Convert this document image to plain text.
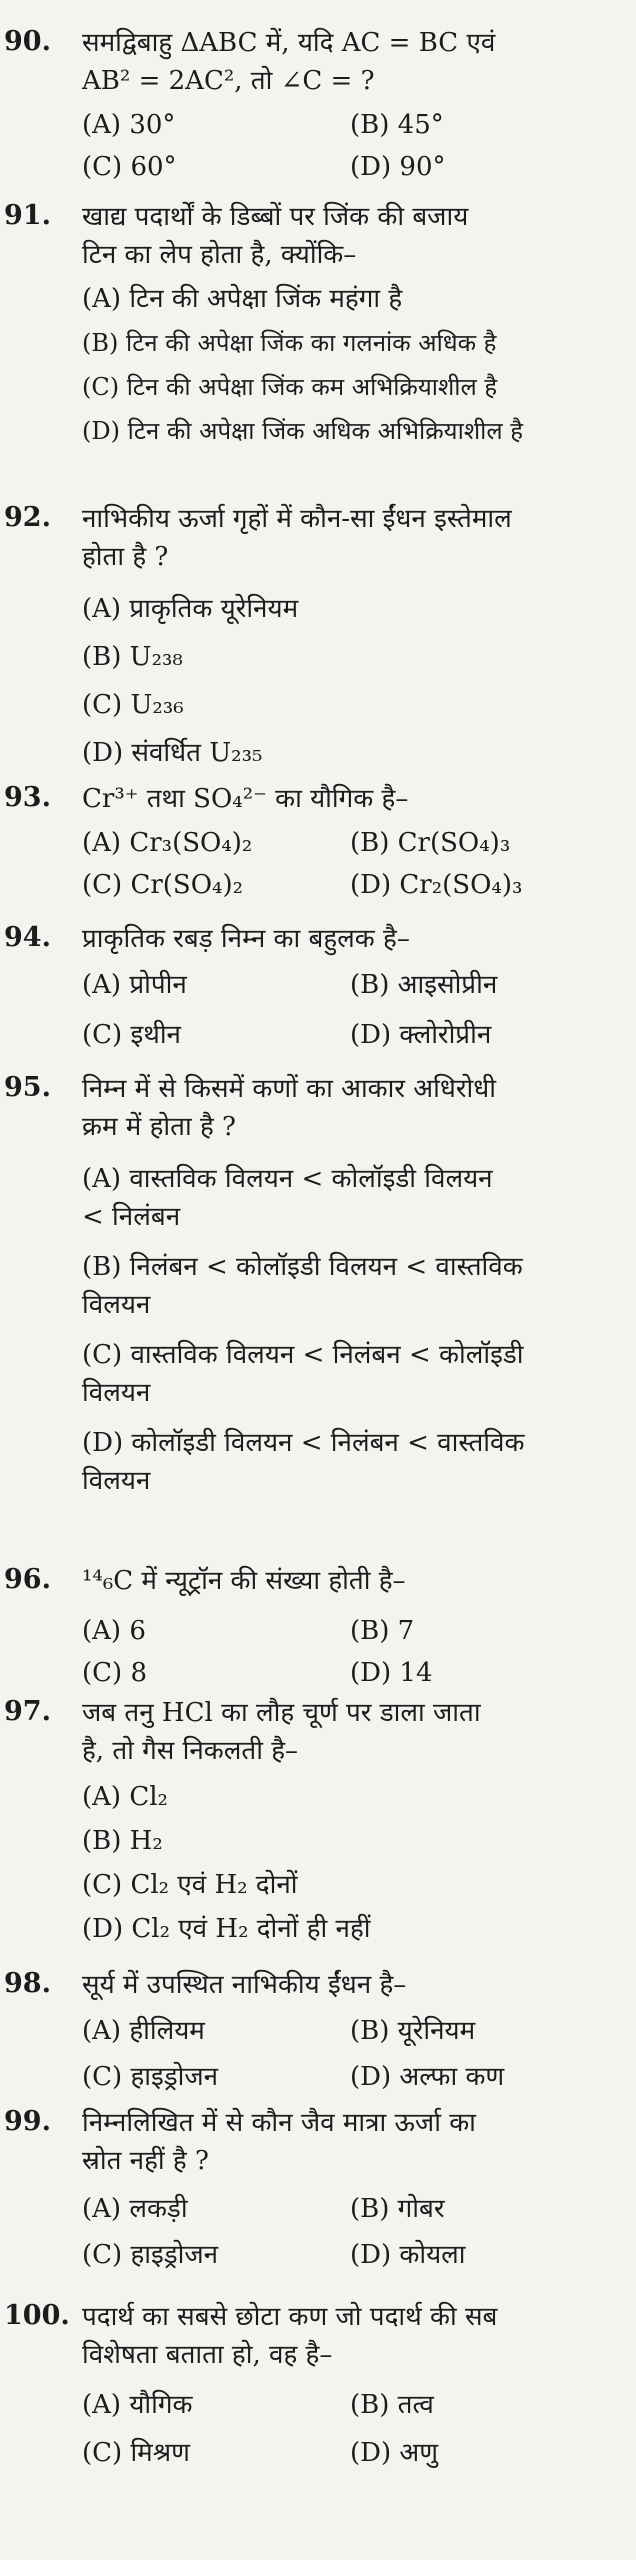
90. समद्विबाहु ΔABC में, यदि AC = BC एवं
AB² = 2AC², तो ∠C = ?
(A) 30°	(B) 45°
(C) 60°	(D) 90°
91. खाद्य पदार्थों के डिब्बों पर जिंक की बजाय
टिन का लेप होता है, क्योंकि–
(A) टिन की अपेक्षा जिंक महंगा है
(B) टिन की अपेक्षा जिंक का गलनांक अधिक है
(C) टिन की अपेक्षा जिंक कम अभिक्रियाशील है
(D) टिन की अपेक्षा जिंक अधिक अभिक्रियाशील है
92. नाभिकीय ऊर्जा गृहों में कौन-सा ईंधन इस्तेमाल
होता है ?
(A) प्राकृतिक यूरेनियम
(B) U₂₃₈
(C) U₂₃₆
(D) संवर्धित U₂₃₅
93. Cr³⁺ तथा SO₄²⁻ का यौगिक है–
(A) Cr₃(SO₄)₂	(B) Cr(SO₄)₃
(C) Cr(SO₄)₂	(D) Cr₂(SO₄)₃
94. प्राकृतिक रबड़ निम्न का बहुलक है–
(A) प्रोपीन	(B) आइसोप्रीन
(C) इथीन	(D) क्लोरोप्रीन
95. निम्न में से किसमें कणों का आकार अधिरोधी
क्रम में होता है ?
(A) वास्तविक विलयन < कोलॉइडी विलयन
< निलंबन
(B) निलंबन < कोलॉइडी विलयन < वास्तविक
विलयन
(C) वास्तविक विलयन < निलंबन < कोलॉइडी
विलयन
(D) कोलॉइडी विलयन < निलंबन < वास्तविक
विलयन
96. ¹⁴₆C में न्यूट्रॉन की संख्या होती है–
(A) 6	(B) 7
(C) 8	(D) 14
97. जब तनु HCl का लौह चूर्ण पर डाला जाता
है, तो गैस निकलती है–
(A) Cl₂
(B) H₂
(C) Cl₂ एवं H₂ दोनों
(D) Cl₂ एवं H₂ दोनों ही नहीं
98. सूर्य में उपस्थित नाभिकीय ईंधन है–
(A) हीलियम	(B) यूरेनियम
(C) हाइड्रोजन	(D) अल्फा कण
99. निम्नलिखित में से कौन जैव मात्रा ऊर्जा का
स्रोत नहीं है ?
(A) लकड़ी	(B) गोबर
(C) हाइड्रोजन	(D) कोयला
100. पदार्थ का सबसे छोटा कण जो पदार्थ की सब
विशेषता बताता हो, वह है–
(A) यौगिक	(B) तत्व
(C) मिश्रण	(D) अणु
